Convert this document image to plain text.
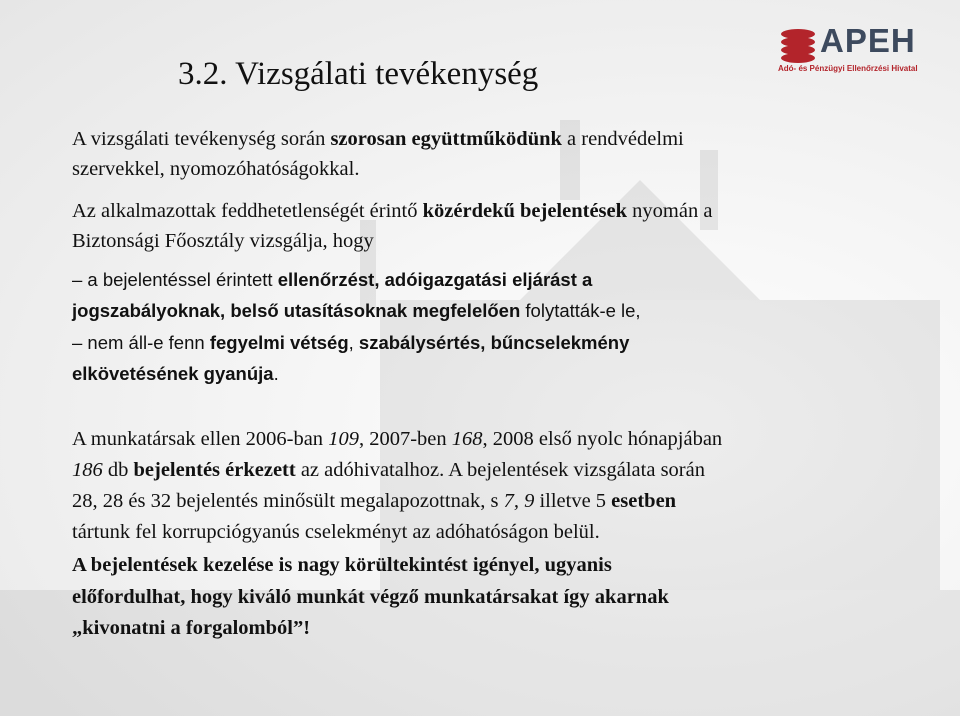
APEH
Adó- és Pénzügyi Ellenőrzési Hivatal
3.2. Vizsgálati tevékenység
A vizsgálati tevékenység során szorosan együttműködünk a rendvédelmi
szervekkel, nyomozóhatóságokkal.
Az alkalmazottak feddhetetlenségét érintő közérdekű bejelentések nyomán a
Biztonsági Főosztály vizsgálja, hogy
– a bejelentéssel érintett ellenőrzést, adóigazgatási eljárást a
jogszabályoknak, belső utasításoknak megfelelően folytatták-e le,
– nem áll-e fenn fegyelmi vétség, szabálysértés, bűncselekmény
elkövetésének gyanúja.
A munkatársak ellen 2006-ban 109, 2007-ben 168, 2008 első nyolc hónapjában
186 db bejelentés érkezett az adóhivatalhoz. A bejelentések vizsgálata során
28, 28 és 32 bejelentés minősült megalapozottnak, s 7, 9 illetve 5 esetben
tártunk fel korrupciógyanús cselekményt az adóhatóságon belül.
A bejelentések kezelése is nagy körültekintést igényel, ugyanis
előfordulhat, hogy kiváló munkát végző munkatársakat így akarnak
„kivonatni a forgalomból”!
